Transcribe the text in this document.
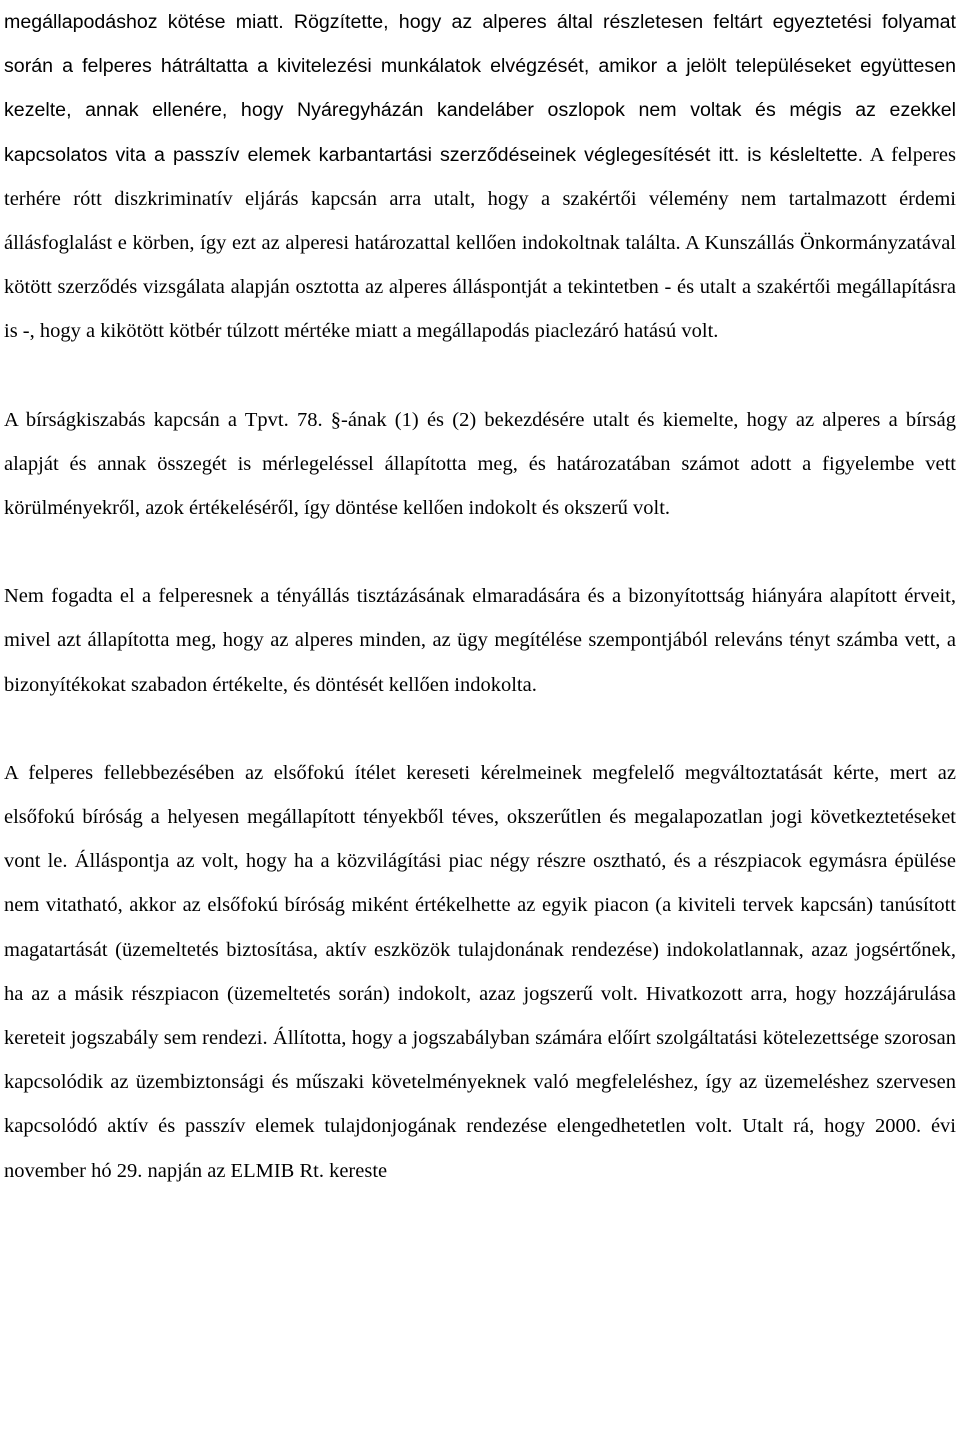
megállapodáshoz kötése miatt. Rögzítette, hogy az alperes által részletesen feltárt egyeztetési folyamat során a felperes hátráltatta a kivitelezési munkálatok elvégzését, amikor a jelölt településeket együttesen kezelte, annak ellenére, hogy Nyáregyházán kandeláber oszlopok nem voltak és mégis az ezekkel kapcsolatos vita a passzív elemek karbantartási szerződéseinek véglegesítését itt. is késleltette. A felperes terhére rótt diszkriminatív eljárás kapcsán arra utalt, hogy a szakértői vélemény nem tartalmazott érdemi állásfoglalást e körben, így ezt az alperesi határozattal kellően indokoltnak találta. A Kunszállás Önkormányzatával kötött szerződés vizsgálata alapján osztotta az alperes álláspontját a tekintetben - és utalt a szakértői megállapításra is -, hogy a kikötött kötbér túlzott mértéke miatt a megállapodás piaclezáró hatású volt.

A bírságkiszabás kapcsán a Tpvt. 78. §-ának (1) és (2) bekezdésére utalt és kiemelte, hogy az alperes a bírság alapját és annak összegét is mérlegeléssel állapította meg, és határozatában számot adott a figyelembe vett körülményekről, azok értékeléséről, így döntése kellően indokolt és okszerű volt.

Nem fogadta el a felperesnek a tényállás tisztázásának elmaradására és a bizonyítottság hiányára alapított érveit, mivel azt állapította meg, hogy az alperes minden, az ügy megítélése szempontjából releváns tényt számba vett, a bizonyítékokat szabadon értékelte, és döntését kellően indokolta.

A felperes fellebbezésében az elsőfokú ítélet kereseti kérelmeinek megfelelő megváltoztatását kérte, mert az elsőfokú bíróság a helyesen megállapított tényekből téves, okszerűtlen és megalapozatlan jogi következtetéseket vont le. Álláspontja az volt, hogy ha a közvilágítási piac négy részre osztható, és a részpiacok egymásra épülése nem vitatható, akkor az elsőfokú bíróság miként értékelhette az egyik piacon (a kiviteli tervek kapcsán) tanúsított magatartását (üzemeltetés biztosítása, aktív eszközök tulajdonának rendezése) indokolatlannak, azaz jogsértőnek, ha az a másik részpiacon (üzemeltetés során) indokolt, azaz jogszerű volt. Hivatkozott arra, hogy hozzájárulása kereteit jogszabály sem rendezi. Állította, hogy a jogszabályban számára előírt szolgáltatási kötelezettsége szorosan kapcsolódik az üzembiztonsági és műszaki követelményeknek való megfeleléshez, így az üzemeléshez szervesen kapcsolódó aktív és passzív elemek tulajdonjogának rendezése elengedhetetlen volt. Utalt rá, hogy 2000. évi november hó 29. napján az ELMIB Rt. kereste
